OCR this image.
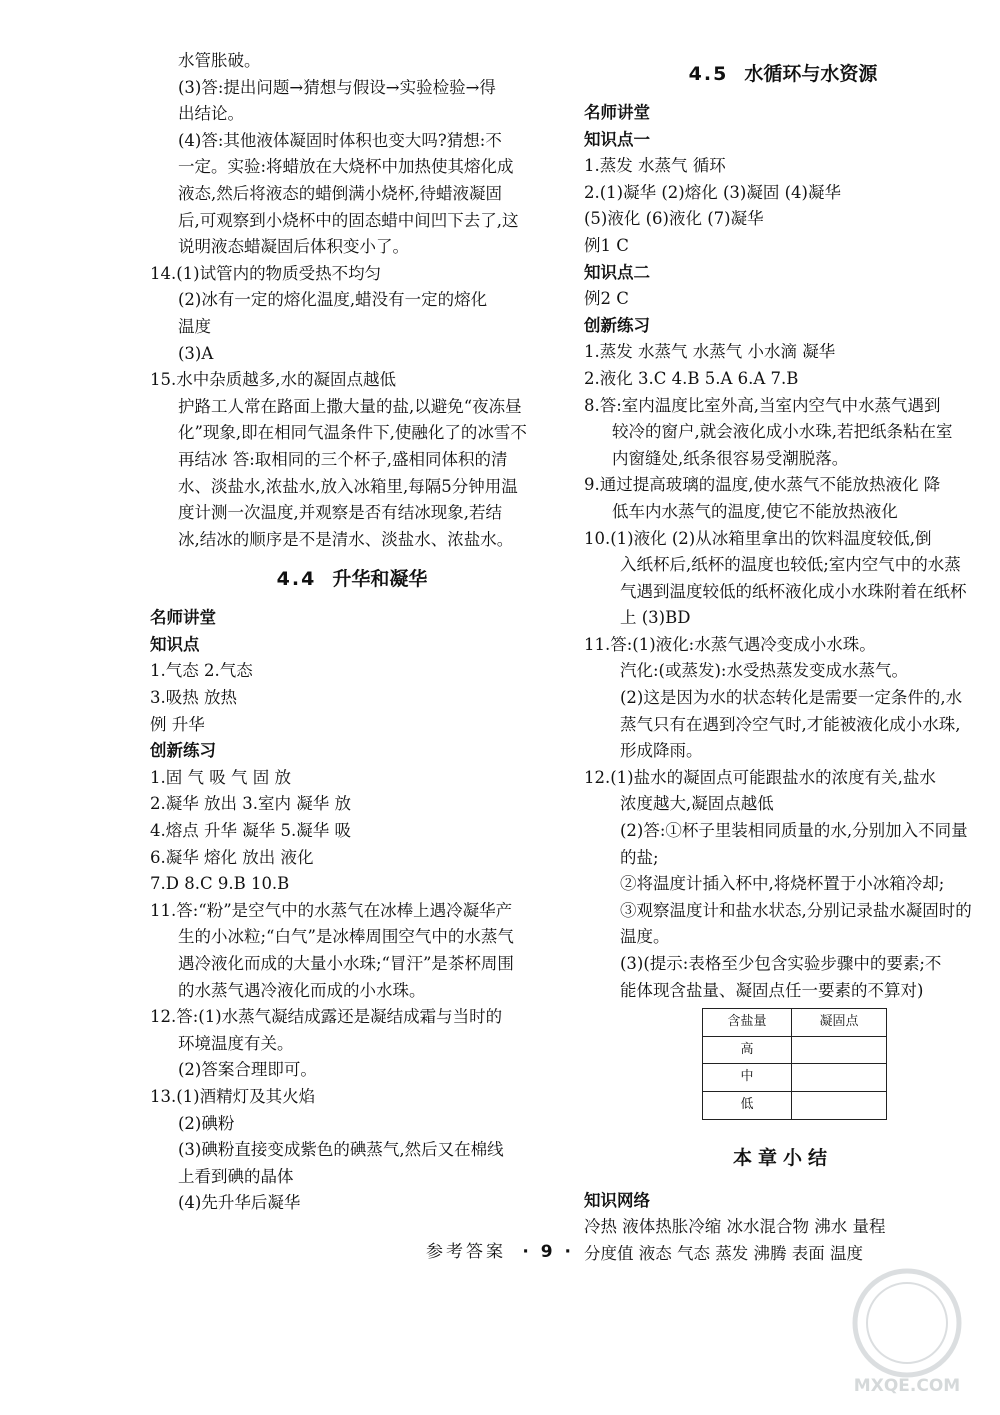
水管胀破。
(3)答:提出问题→猜想与假设→实验检验→得
出结论。
(4)答:其他液体凝固时体积也变大吗?猜想:不
一定。实验:将蜡放在大烧杯中加热使其熔化成
液态,然后将液态的蜡倒满小烧杯,待蜡液凝固
后,可观察到小烧杯中的固态蜡中间凹下去了,这
说明液态蜡凝固后体积变小了。
14.(1)试管内的物质受热不均匀
(2)冰有一定的熔化温度,蜡没有一定的熔化
温度
(3)A
15.水中杂质越多,水的凝固点越低
护路工人常在路面上撒大量的盐,以避免“夜冻昼
化”现象,即在相同气温条件下,使融化了的冰雪不
再结冰 答:取相同的三个杯子,盛相同体积的清
水、淡盐水,浓盐水,放入冰箱里,每隔5分钟用温
度计测一次温度,并观察是否有结冰现象,若结
冰,结冰的顺序是不是清水、淡盐水、浓盐水。
4.4 升华和凝华
名师讲堂
知识点
1.气态 2.气态
3.吸热 放热
例 升华
创新练习
1.固 气 吸 气 固 放
2.凝华 放出 3.室内 凝华 放
4.熔点 升华 凝华 5.凝华 吸
6.凝华 熔化 放出 液化
7.D 8.C 9.B 10.B
11.答:“粉”是空气中的水蒸气在冰棒上遇冷凝华产
生的小冰粒;“白气”是冰棒周围空气中的水蒸气
遇冷液化而成的大量小水珠;“冒汗”是茶杯周围
的水蒸气遇冷液化而成的小水珠。
12.答:(1)水蒸气凝结成露还是凝结成霜与当时的
环境温度有关。
(2)答案合理即可。
13.(1)酒精灯及其火焰
(2)碘粉
(3)碘粉直接变成紫色的碘蒸气,然后又在棉线
上看到碘的晶体
(4)先升华后凝华
4.5 水循环与水资源
名师讲堂
知识点一
1.蒸发 水蒸气 循环
2.(1)凝华 (2)熔化 (3)凝固 (4)凝华
(5)液化 (6)液化 (7)凝华
例1 C
知识点二
例2 C
创新练习
1.蒸发 水蒸气 水蒸气 小水滴 凝华
2.液化 3.C 4.B 5.A 6.A 7.B
8.答:室内温度比室外高,当室内空气中水蒸气遇到
较冷的窗户,就会液化成小水珠,若把纸条粘在室
内窗缝处,纸条很容易受潮脱落。
9.通过提高玻璃的温度,使水蒸气不能放热液化 降
低车内水蒸气的温度,使它不能放热液化
10.(1)液化 (2)从冰箱里拿出的饮料温度较低,倒
入纸杯后,纸杯的温度也较低;室内空气中的水蒸
气遇到温度较低的纸杯液化成小水珠附着在纸杯
上 (3)BD
11.答:(1)液化:水蒸气遇冷变成小水珠。
汽化:(或蒸发):水受热蒸发变成水蒸气。
(2)这是因为水的状态转化是需要一定条件的,水
蒸气只有在遇到冷空气时,才能被液化成小水珠,
形成降雨。
12.(1)盐水的凝固点可能跟盐水的浓度有关,盐水
浓度越大,凝固点越低
(2)答:①杯子里装相同质量的水,分别加入不同量
的盐;
②将温度计插入杯中,将烧杯置于小冰箱冷却;
③观察温度计和盐水状态,分别记录盐水凝固时的
温度。
(3)(提示:表格至少包含实验步骤中的要素;不
能体现含盐量、凝固点任一要素的不算对)
含盐量	凝固点
高	
中	
低	
本章小结
知识网络
冷热 液体热胀冷缩 冰水混合物 沸水 量程
分度值 液态 气态 蒸发 沸腾 表面 温度
参考答案 · 9 ·
MXQE.COM
